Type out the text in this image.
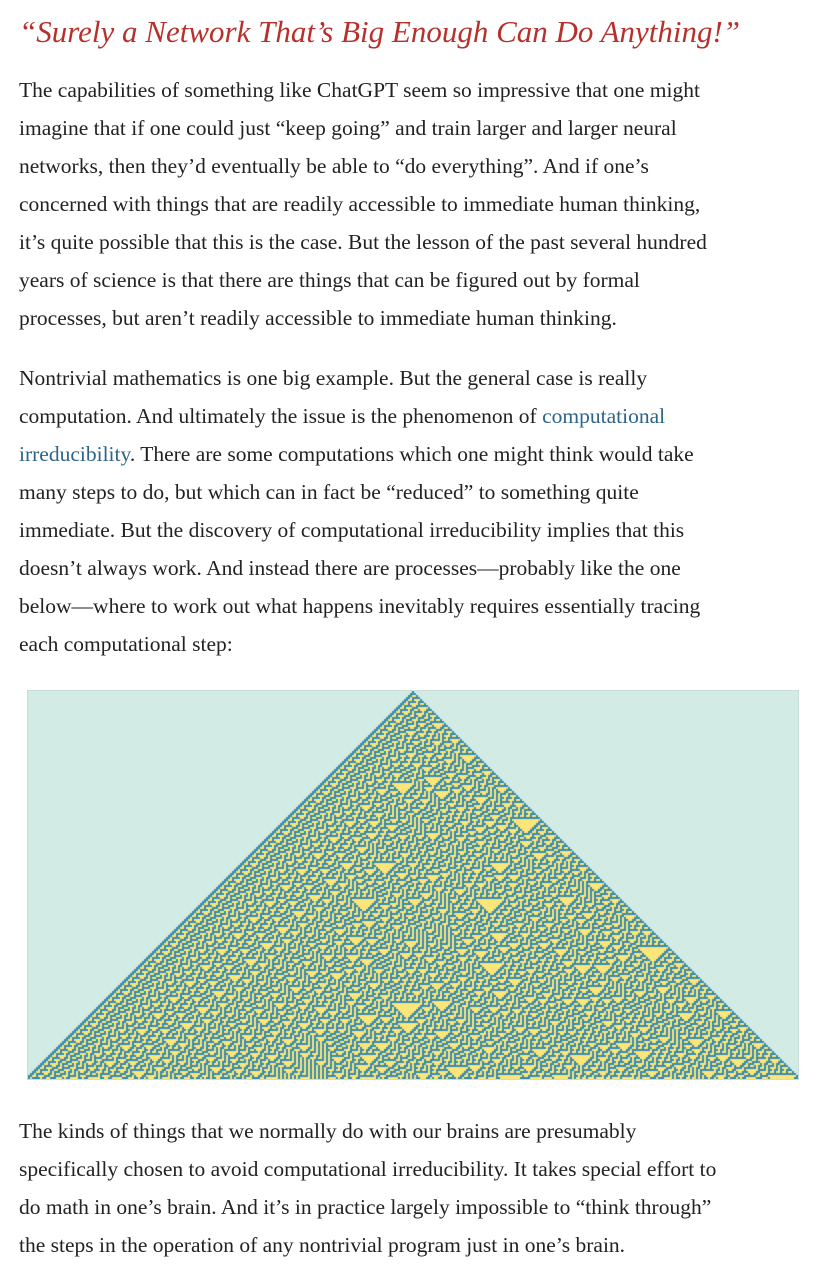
“Surely a Network That’s Big Enough Can Do Anything!”

The capabilities of something like ChatGPT seem so impressive that one might
imagine that if one could just “keep going” and train larger and larger neural
networks, then they’d eventually be able to “do everything”. And if one’s
concerned with things that are readily accessible to immediate human thinking,
it’s quite possible that this is the case. But the lesson of the past several hundred
years of science is that there are things that can be figured out by formal
processes, but aren’t readily accessible to immediate human thinking.

Nontrivial mathematics is one big example. But the general case is really
computation. And ultimately the issue is the phenomenon of computational
irreducibility. There are some computations which one might think would take
many steps to do, but which can in fact be “reduced” to something quite
immediate. But the discovery of computational irreducibility implies that this
doesn’t always work. And instead there are processes—probably like the one
below—where to work out what happens inevitably requires essentially tracing
each computational step:

The kinds of things that we normally do with our brains are presumably
specifically chosen to avoid computational irreducibility. It takes special effort to
do math in one’s brain. And it’s in practice largely impossible to “think through”
the steps in the operation of any nontrivial program just in one’s brain.
